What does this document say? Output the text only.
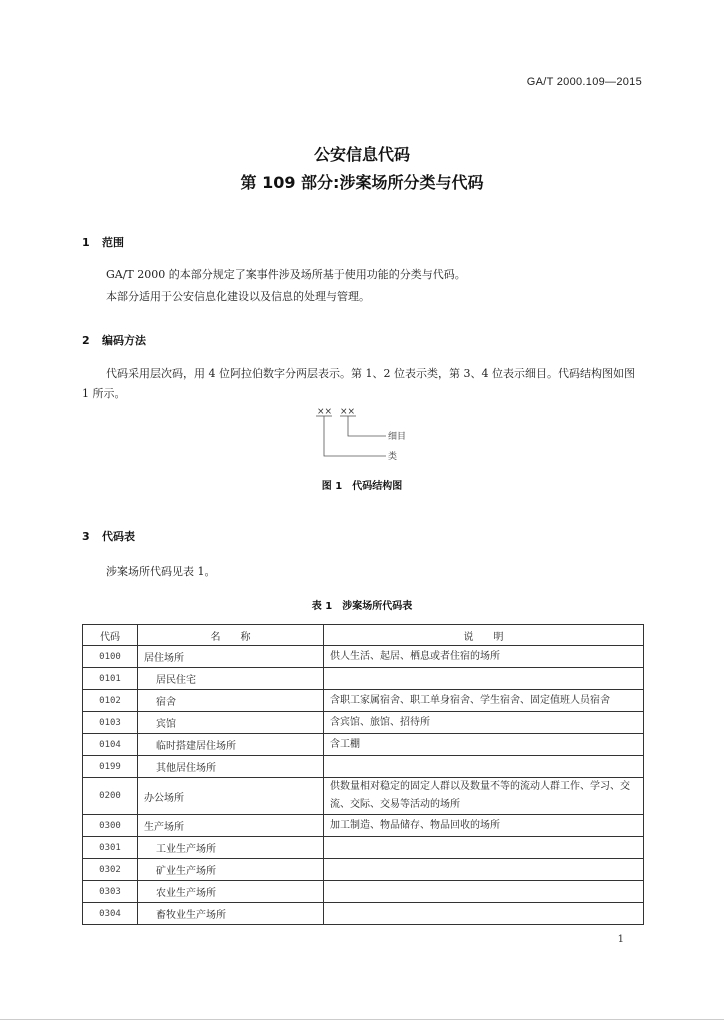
GA/T 2000.109—2015
公安信息代码
第 109 部分:涉案场所分类与代码
1 范围
GA/T 2000 的本部分规定了案事件涉及场所基于使用功能的分类与代码。
本部分适用于公安信息化建设以及信息的处理与管理。
2 编码方法
代码采用层次码，用 4 位阿拉伯数字分两层表示。第 1、2 位表示类，第 3、4 位表示细目。代码结构图如图 1 所示。
×× ××
细目
类
图 1　代码结构图
3 代码表
涉案场所代码见表 1。
表 1　涉案场所代码表
代码	名　　称	说　　明
0100	居住场所	供人生活、起居、栖息或者住宿的场所
0101	居民住宅	
0102	宿舍	含职工家属宿舍、职工单身宿舍、学生宿舍、固定值班人员宿舍
0103	宾馆	含宾馆、旅馆、招待所
0104	临时搭建居住场所	含工棚
0199	其他居住场所	
0200	办公场所	供数量相对稳定的固定人群以及数量不等的流动人群工作、学习、交流、交际、交易等活动的场所
0300	生产场所	加工制造、物品储存、物品回收的场所
0301	工业生产场所	
0302	矿业生产场所	
0303	农业生产场所	
0304	畜牧业生产场所	
1
